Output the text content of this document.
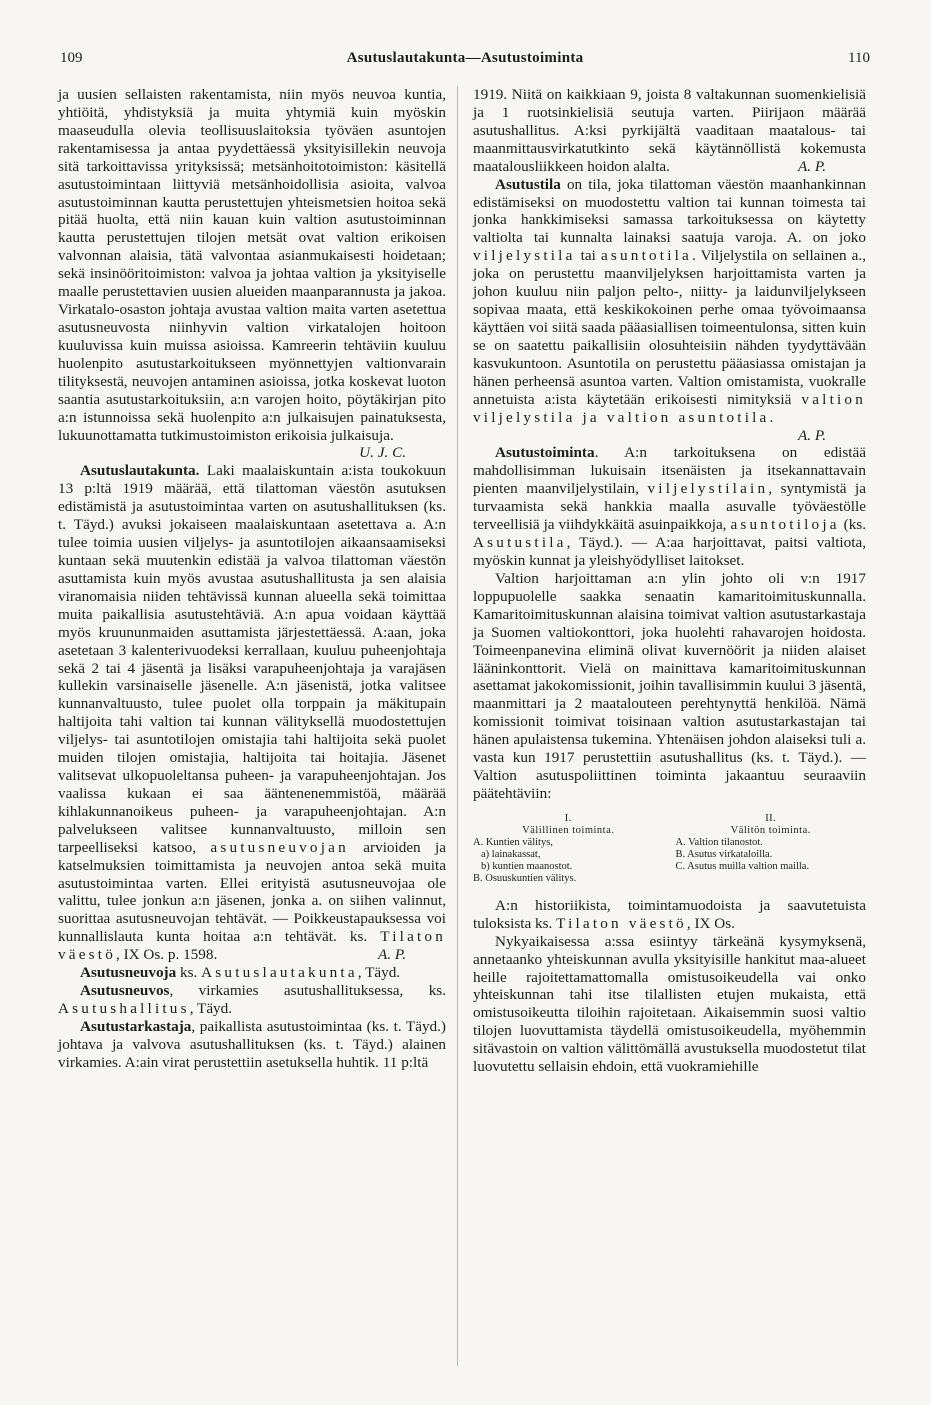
109	Asutuslautakunta—Asutustoiminta	110
ja uusien sellaisten rakentamista, niin myös neuvoa kuntia, yhtiöitä, yhdistyksiä ja muita yhtymiä kuin myöskin maaseudulla olevia teollisuuslaitoksia työväen asuntojen rakentamisessa ja antaa pyydettäessä yksityisillekin neuvoja sitä tarkoittavissa yrityksissä; metsänhoitotoimiston: käsitellä asutustoimintaan liittyviä metsänhoidollisia asioita, valvoa asutustoiminnan kautta perustettujen yhteismetsien hoitoa sekä pitää huolta, että niin kauan kuin valtion asutustoiminnan kautta perustettujen tilojen metsät ovat valtion erikoisen valvonnan alaisia, tätä valvontaa asianmukaisesti hoidetaan; sekä insinööritoimiston: valvoa ja johtaa valtion ja yksityiselle maalle perustettavien uusien alueiden maanparannusta ja jakoa. Virkatalo-osaston johtaja avustaa valtion maita varten asetettua asutusneuvosta niinhyvin valtion virkatalojen hoitoon kuuluvissa kuin muissa asioissa. Kamreerin tehtäviin kuuluu huolenpito asutustarkoitukseen myönnettyjen valtionvarain tilityksestä, neuvojen antaminen asioissa, jotka koskevat luoton saantia asutustarkoituksiin, a:n varojen hoito, pöytäkirjan pito a:n istunnoissa sekä huolenpito a:n julkaisujen painatuksesta, lukuunottamatta tutkimustoimiston erikoisia julkaisuja.
U. J. C.
Asutuslautakunta. Laki maalaiskuntain a:ista toukokuun 13 p:ltä 1919 määrää, että tilattoman väestön asutuksen edistämistä ja asutustoimintaa varten on asutushallituksen (ks. t. Täyd.) avuksi jokaiseen maalaiskuntaan asetettava a. A:n tulee toimia uusien viljelys- ja asuntotilojen aikaansaamiseksi kuntaan sekä muutenkin edistää ja valvoa tilattoman väestön asuttamista kuin myös avustaa asutushallitusta ja sen alaisia viranomaisia niiden tehtävissä kunnan alueella sekä toimittaa muita paikallisia asutustehtäviä. A:n apua voidaan käyttää myös kruununmaiden asuttamista järjestettäessä. A:aan, joka asetetaan 3 kalenterivuodeksi kerrallaan, kuuluu puheenjohtaja sekä 2 tai 4 jäsentä ja lisäksi varapuheenjohtaja ja varajäsen kullekin varsinaiselle jäsenelle. A:n jäsenistä, jotka valitsee kunnanvaltuusto, tulee puolet olla torppain ja mäkitupain haltijoita tahi valtion tai kunnan välityksellä muodostettujen viljelys- tai asuntotilojen omistajia tahi haltijoita sekä puolet muiden tilojen omistajia, haltijoita tai hoitajia. Jäsenet valitsevat ulkopuoleltansa puheen- ja varapuheenjohtajan. Jos vaalissa kukaan ei saa ääntenenemmistöä, määrää kihlakunnanoikeus puheen- ja varapuheenjohtajan. A:n palvelukseen valitsee kunnanvaltuusto, milloin sen tarpeelliseksi katsoo, asutusneuvojan arvioiden ja katselmuksien toimittamista ja neuvojen antoa sekä muita asutustoimintaa varten. Ellei erityistä asutusneuvojaa ole valittu, tulee jonkun a:n jäsenen, jonka a. on siihen valinnut, suorittaa asutusneuvojan tehtävät. — Poikkeustapauksessa voi kunnallislauta kunta hoitaa a:n tehtävät. ks. Tilaton väestö, IX Os. p. 1598.	A. P.
Asutusneuvoja ks. Asutuslautakunta, Täyd.
Asutusneuvos, virkamies asutushallituksessa, ks. Asutushallitus, Täyd.
Asutustarkastaja, paikallista asutustoimintaa (ks. t. Täyd.) johtava ja valvova asutushallituksen (ks. t. Täyd.) alainen virkamies. A:ain virat perustettiin asetuksella huhtik. 11 p:ltä
1919. Niitä on kaikkiaan 9, joista 8 valtakunnan suomenkielisiä ja 1 ruotsinkielisiä seutuja varten. Piirijaon määrää asutushallitus. A:ksi pyrkijältä vaaditaan maatalous- tai maanmittausvirkatutkinto sekä käytännöllistä kokemusta maatalousliikkeen hoidon alalta.	A. P.
Asutustila on tila, joka tilattoman väestön maanhankinnan edistämiseksi on muodostettu valtion tai kunnan toimesta tai jonka hankkimiseksi samassa tarkoituksessa on käytetty valtiolta tai kunnalta lainaksi saatuja varoja. A. on joko viljelystila tai asuntotila. Viljelystila on sellainen a., joka on perustettu maanviljelyksen harjoittamista varten ja johon kuuluu niin paljon pelto-, niitty- ja laidunviljelykseen sopivaa maata, että keskikokoinen perhe omaa työvoimaansa käyttäen voi siitä saada pääasiallisen toimeentulonsa, sitten kuin se on saatettu paikallisiin olosuhteisiin nähden tyydyttävään kasvukuntoon. Asuntotila on perustettu pääasiassa omistajan ja hänen perheensä asuntoa varten. Valtion omistamista, vuokralle annetuista a:ista käytetään erikoisesti nimityksiä valtion viljelystila ja valtion asuntotila.
A. P.
Asutustoiminta. A:n tarkoituksena on edistää mahdollisimman lukuisain itsenäisten ja itsekannattavain pienten maanviljelystilain, viljelystilain, syntymistä ja turvaamista sekä hankkia maalla asuvalle työväestölle terveellisiä ja viihdykkäitä asuinpaikkoja, asuntotiloja (ks. Asutustila, Täyd.). — A:aa harjoittavat, paitsi valtiota, myöskin kunnat ja yleishyödylliset laitokset.
Valtion harjoittaman a:n ylin johto oli v:n 1917 loppupuolelle saakka senaatin kamaritoimituskunnalla. Kamaritoimituskunnan alaisina toimivat valtion asutustarkastaja ja Suomen valtiokonttori, joka huolehti rahavarojen hoidosta. Toimeenpanevina eliminä olivat kuvernöörit ja niiden alaiset lääninkonttorit. Vielä on mainittava kamaritoimituskunnan asettamat jakokomissionit, joihin tavallisimmin kuului 3 jäsentä, maanmittari ja 2 maatalouteen perehtynyttä henkilöä. Nämä komissionit toimivat toisinaan valtion asutustarkastajan tai hänen apulaistensa tukemina. Yhtenäisen johdon alaiseksi tuli a. vasta kun 1917 perustettiin asutushallitus (ks. t. Täyd.). — Valtion asutuspoliittinen toiminta jakaantuu seuraaviin päätehtäviin:
I.
Välillinen toiminta.
A. Kuntien välitys,
a) lainakassat,
b) kuntien maanostot.
B. Osuuskuntien välitys.
II.
Välitön toiminta.
A. Valtion tilanostot.
B. Asutus virkataloilla.
C. Asutus muilla valtion mailla.
A:n historiikista, toimintamuodoista ja saavutetuista tuloksista ks. Tilaton väestö, IX Os.
Nykyaikaisessa a:ssa esiintyy tärkeänä kysymyksenä, annetaanko yhteiskunnan avulla yksityisille hankitut maa-alueet heille rajoitettamattomalla omistusoikeudella vai onko yhteiskunnan tahi itse tilallisten etujen mukaista, että omistusoikeutta tiloihin rajoitetaan. Aikaisemmin suosi valtio tilojen luovuttamista täydellä omistusoikeudella, myöhemmin sitävastoin on valtion välittömällä avustuksella muodostetut tilat luovutettu sellaisin ehdoin, että vuokramiehille
